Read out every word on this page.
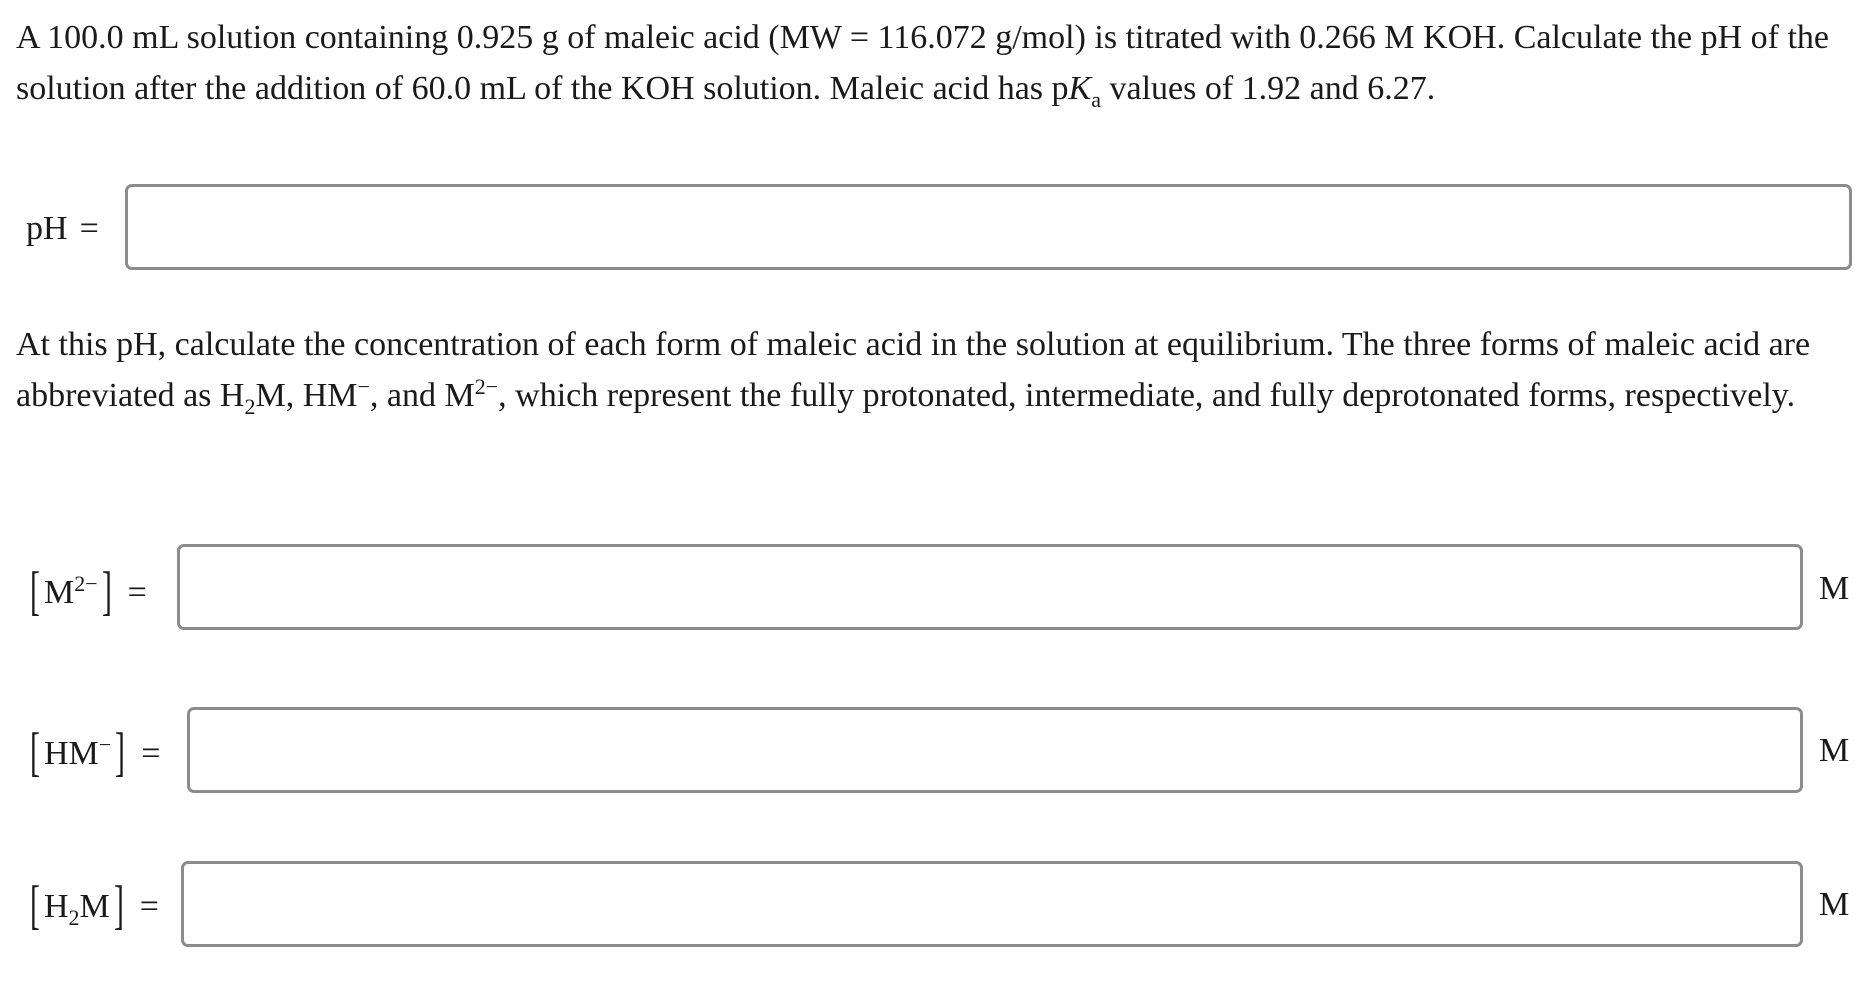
A 100.0 mL solution containing 0.925 g of maleic acid (MW = 116.072 g/mol) is titrated with 0.266 M KOH. Calculate the pH of the solution after the addition of 60.0 mL of the KOH solution. Maleic acid has $pK_a$ values of 1.92 and 6.27.

pH =

At this pH, calculate the concentration of each form of maleic acid in the solution at equilibrium. The three forms of maleic acid are abbreviated as $H_2M$, HM−, and $M^{2-}$, which represent the fully protonated, intermediate, and fully deprotonated forms, respectively.

[ $M^{2-}$] =	M
[ HM−] =	M
[ $H_2M$] =	M
